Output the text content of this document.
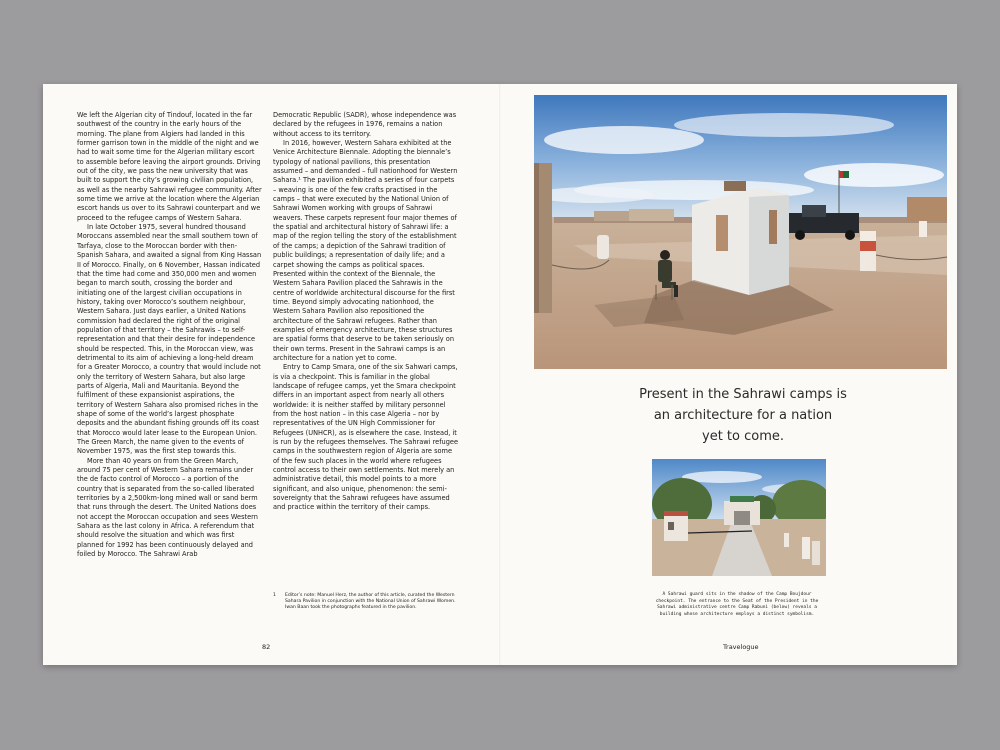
We left the Algerian city of Tindouf, located in the far southwest of the country in the early hours of the morning. The plane from Algiers had landed in this former garrison town in the middle of the night and we had to wait some time for the Algerian military escort to assemble before leaving the airport grounds. Driving out of the city, we pass the new university that was built to support the city’s growing civilian population, as well as the nearby Sahrawi refugee community. After some time we arrive at the location where the Algerian escort hands us over to its Sahrawi counterpart and we proceed to the refugee camps of Western Sahara.

In late October 1975, several hundred thousand Moroccans assembled near the small southern town of Tarfaya, close to the Moroccan border with then-Spanish Sahara, and awaited a signal from King Hassan II of Morocco. Finally, on 6 November, Hassan indicated that the time had come and 350,000 men and women began to march south, crossing the border and initiating one of the largest civilian occupations in history, taking over Morocco’s southern neighbour, Western Sahara. Just days earlier, a United Nations commission had declared the right of the original population of that territory – the Sahrawis – to self-representation and that their desire for independence should be respected. This, in the Moroccan view, was detrimental to its aim of achieving a long-held dream for a Greater Morocco, a country that would include not only the territory of Western Sahara, but also large parts of Algeria, Mali and Mauritania. Beyond the fulfilment of these expansionist aspirations, the territory of Western Sahara also promised riches in the shape of some of the world’s largest phosphate deposits and the abundant fishing grounds off its coast that Morocco would later lease to the European Union. The Green March, the name given to the events of November 1975, was the first step towards this.

More than 40 years on from the Green March, around 75 per cent of Western Sahara remains under the de facto control of Morocco – a portion of the country that is separated from the so-called liberated territories by a 2,500km-long mined wall or sand berm that runs through the desert. The United Nations does not accept the Moroccan occupation and sees Western Sahara as the last colony in Africa. A referendum that should resolve the situation and which was first planned for 1992 has been continuously delayed and foiled by Morocco. The Sahrawi Arab

Democratic Republic (SADR), whose independence was declared by the refugees in 1976, remains a nation without access to its territory.

In 2016, however, Western Sahara exhibited at the Venice Architecture Biennale. Adopting the biennale’s typology of national pavilions, this presentation assumed – and demanded – full nationhood for Western Sahara.¹ The pavilion exhibited a series of four carpets – weaving is one of the few crafts practised in the camps – that were executed by the National Union of Sahrawi Women working with groups of Sahrawi weavers. These carpets represent four major themes of the spatial and architectural history of Sahrawi life: a map of the region telling the story of the establishment of the camps; a depiction of the Sahrawi tradition of public buildings; a representation of daily life; and a carpet showing the camps as political spaces. Presented within the context of the Biennale, the Western Sahara Pavilion placed the Sahrawis in the centre of worldwide architectural discourse for the first time. Beyond simply advocating nationhood, the Western Sahara Pavilion also repositioned the architecture of the Sahrawi refugees. Rather than examples of emergency architecture, these structures are spatial forms that deserve to be taken seriously on their own terms. Present in the Sahrawi camps is an architecture for a nation yet to come.

Entry to Camp Smara, one of the six Sahwari camps, is via a checkpoint. This is familiar in the global landscape of refugee camps, yet the Smara checkpoint differs in an important aspect from nearly all others worldwide: it is neither staffed by military personnel from the host nation – in this case Algeria – nor by representatives of the UN High Commissioner for Refugees (UNHCR), as is elsewhere the case. Instead, it is run by the refugees themselves. The Sahrawi refugee camps in the southwestern region of Algeria are some of the few such places in the world where refugees control access to their own settlements. Not merely an administrative detail, this model points to a more significant, and also unique, phenomenon: the semi-sovereignty that the Sahrawi refugees have assumed and practice within the territory of their camps.

1 Editor’s note: Manuel Herz, the author of this article, curated the Western Sahara Pavilion in conjunction with the National Union of Sahrawi Women. Iwan Baan took the photographs featured in the pavilion.
82
Present in the Sahrawi camps is
an architecture for a nation
yet to come.
A Sahrawi guard sits in the shadow of the Camp Boujdour
checkpoint. The entrance to the Seat of the President in the
Sahrawi administrative centre Camp Rabuni (below) reveals a
building whose architecture employs a distinct symbolism.
Travelogue
